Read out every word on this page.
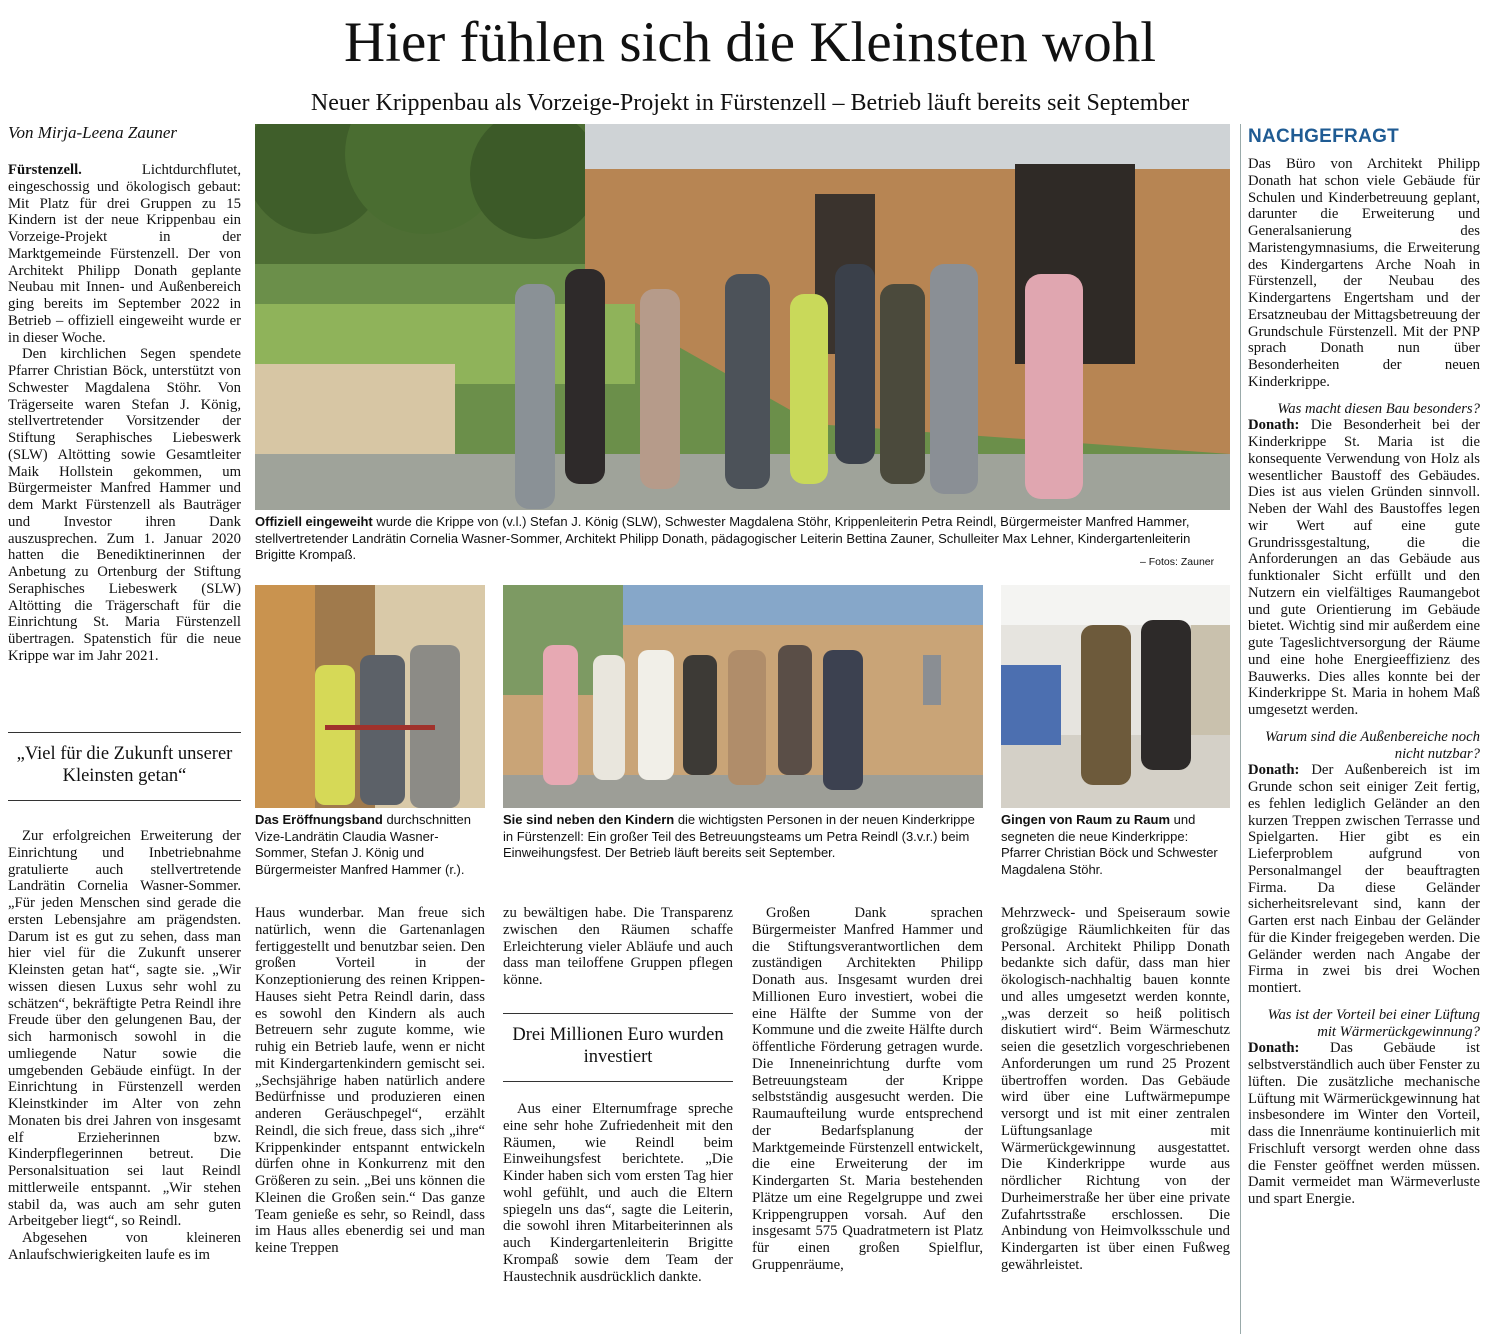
Hier fühlen sich die Kleinsten wohl
Neuer Krippenbau als Vorzeige-Projekt in Fürstenzell – Betrieb läuft bereits seit September
Von Mirja-Leena Zauner

Fürstenzell.	Lichtdurchflutet, eingeschossig und ökologisch gebaut: Mit Platz für drei Gruppen zu 15 Kindern ist der neue Krippenbau ein Vorzeige-Projekt in der Marktgemeinde Fürstenzell. Der von Architekt Philipp Donath geplante Neubau mit Innen- und Außenbereich ging bereits im September 2022 in Betrieb – offiziell eingeweiht wurde er in dieser Woche.

Den kirchlichen Segen spendete Pfarrer Christian Böck, unterstützt von Schwester Magdalena Stöhr. Von Trägerseite waren Stefan J. König, stellvertretender Vorsitzender der Stiftung Seraphisches Liebeswerk (SLW) Altötting sowie Gesamtleiter Maik Hollstein gekommen, um Bürgermeister Manfred Hammer und dem Markt Fürstenzell als Bauträger und Investor ihren Dank auszusprechen. Zum 1. Januar 2020 hatten die Benediktinerinnen der Anbetung zu Ortenburg der Stiftung Seraphisches Liebeswerk (SLW) Altötting die Trägerschaft für die Einrichtung St. Maria Fürstenzell übertragen. Spatenstich für die neue Krippe war im Jahr 2021.

„Viel für die Zukunft unserer Kleinsten getan“

Zur erfolgreichen Erweiterung der Einrichtung und Inbetriebnahme gratulierte auch stellvertretende Landrätin Cornelia Wasner-Sommer. „Für jeden Menschen sind gerade die ersten Lebensjahre am prägendsten. Darum ist es gut zu sehen, dass man hier viel für die Zukunft unserer Kleinsten getan hat“, sagte sie. „Wir wissen diesen Luxus sehr wohl zu schätzen“, bekräftigte Petra Reindl ihre Freude über den gelungenen Bau, der sich harmonisch sowohl in die umliegende Natur sowie die umgebenden Gebäude einfügt. In der Einrichtung in Fürstenzell werden Kleinstkinder im Alter von zehn Monaten bis drei Jahren von insgesamt elf Erzieherinnen bzw. Kinderpflegerinnen betreut. Die Personalsituation sei laut Reindl mittlerweile entspannt. „Wir stehen stabil da, was auch am sehr guten Arbeitgeber liegt“, so Reindl.

Abgesehen von kleineren Anlaufschwierigkeiten laufe es im

Offiziell eingeweiht wurde die Krippe von (v.l.) Stefan J. König (SLW), Schwester Magdalena Stöhr, Krippenleiterin Petra Reindl, Bürgermeister Manfred Hammer, stellvertretender Landrätin Cornelia Wasner-Sommer, Architekt Philipp Donath, pädagogischer Leiterin Bettina Zauner, Schulleiter Max Lehner, Kindergartenleiterin Brigitte Krompaß.	– Fotos: Zauner
Das Eröffnungsband durchschnitten Vize-Landrätin Claudia Wasner-Sommer, Stefan J. König und Bürgermeister Manfred Hammer (r.).
Sie sind neben den Kindern die wichtigsten Personen in der neuen Kinderkrippe in Fürstenzell: Ein großer Teil des Betreuungsteams um Petra Reindl (3.v.r.) beim Einweihungsfest. Der Betrieb läuft bereits seit September.
Gingen von Raum zu Raum und segneten die neue Kinderkrippe: Pfarrer Christian Böck und Schwester Magdalena Stöhr.

Haus wunderbar. Man freue sich natürlich, wenn die Gartenanlagen fertiggestellt und benutzbar seien. Den großen Vorteil in der Konzeptionierung des reinen Krippen-Hauses sieht Petra Reindl darin, dass es sowohl den Kindern als auch Betreuern sehr zugute komme, wie ruhig ein Betrieb laufe, wenn er nicht mit Kindergartenkindern gemischt sei. „Sechsjährige haben natürlich andere Bedürfnisse und produzieren einen anderen Geräuschpegel“, erzählt Reindl, die sich freue, dass sich „ihre“ Krippenkinder entspannt entwickeln dürfen ohne in Konkurrenz mit den Größeren zu sein. „Bei uns können die Kleinen die Großen sein.“ Das ganze Team genieße es sehr, so Reindl, dass im Haus alles ebenerdig sei und man keine Treppen

zu bewältigen habe. Die Transparenz zwischen den Räumen schaffe Erleichterung vieler Abläufe und auch dass man teiloffene Gruppen pflegen könne.

Drei Millionen Euro wurden investiert

Aus einer Elternumfrage spreche eine sehr hohe Zufriedenheit mit den Räumen, wie Reindl beim Einweihungsfest berichtete. „Die Kinder haben sich vom ersten Tag hier wohl gefühlt, und auch die Eltern spiegeln uns das“, sagte die Leiterin, die sowohl ihren Mitarbeiterinnen als auch Kindergartenleiterin Brigitte Krompaß sowie dem Team der Haustechnik ausdrücklich dankte.

Großen Dank sprachen Bürgermeister Manfred Hammer und die Stiftungsverantwortlichen dem zuständigen Architekten Philipp Donath aus. Insgesamt wurden drei Millionen Euro investiert, wobei die eine Hälfte der Summe von der Kommune und die zweite Hälfte durch öffentliche Förderung getragen wurde. Die Inneneinrichtung durfte vom Betreuungsteam der Krippe selbstständig ausgesucht werden. Die Raumaufteilung wurde entsprechend der Bedarfsplanung der Marktgemeinde Fürstenzell entwickelt, die eine Erweiterung der im Kindergarten St. Maria bestehenden Plätze um eine Regelgruppe und zwei Krippengruppen vorsah. Auf den insgesamt 575 Quadratmetern ist Platz für einen großen Spielflur, Gruppenräume,

Mehrzweck- und Speiseraum sowie großzügige Räumlichkeiten für das Personal. Architekt Philipp Donath bedankte sich dafür, dass man hier ökologisch-nachhaltig bauen konnte und alles umgesetzt werden konnte, „was derzeit so heiß politisch diskutiert wird“. Beim Wärmeschutz seien die gesetzlich vorgeschriebenen Anforderungen um rund 25 Prozent übertroffen worden. Das Gebäude wird über eine Luftwärmepumpe versorgt und ist mit einer zentralen Lüftungsanlage mit Wärmerückgewinnung ausgestattet. Die Kinderkrippe wurde aus nördlicher Richtung von der Durheimerstraße her über eine private Zufahrtsstraße erschlossen. Die Anbindung von Heimvolksschule und Kindergarten ist über einen Fußweg gewährleistet.

NACHGEFRAGT

Das Büro von Architekt Philipp Donath hat schon viele Gebäude für Schulen und Kinderbetreuung geplant, darunter die Erweiterung und Generalsanierung des Maristengymnasiums, die Erweiterung des Kindergartens Arche Noah in Fürstenzell, der Neubau des Kindergartens Engertsham und der Ersatzneubau der Mittagsbetreuung der Grundschule Fürstenzell. Mit der PNP sprach Donath nun über Besonderheiten der neuen Kinderkrippe.

Was macht diesen Bau besonders?

Donath: Die Besonderheit bei der Kinderkrippe St. Maria ist die konsequente Verwendung von Holz als wesentlicher Baustoff des Gebäudes. Dies ist aus vielen Gründen sinnvoll. Neben der Wahl des Baustoffes legen wir Wert auf eine gute Grundrissgestaltung, die die Anforderungen an das Gebäude aus funktionaler Sicht erfüllt und den Nutzern ein vielfältiges Raumangebot und gute Orientierung im Gebäude bietet. Wichtig sind mir außerdem eine gute Tageslichtversorgung der Räume und eine hohe Energieeffizienz des Bauwerks. Dies alles konnte bei der Kinderkrippe St. Maria in hohem Maß umgesetzt werden.

Warum sind die Außenbereiche noch nicht nutzbar?

Donath: Der Außenbereich ist im Grunde schon seit einiger Zeit fertig, es fehlen lediglich Geländer an den kurzen Treppen zwischen Terrasse und Spielgarten. Hier gibt es ein Lieferproblem aufgrund von Personalmangel der beauftragten Firma. Da diese Geländer sicherheitsrelevant sind, kann der Garten erst nach Einbau der Geländer für die Kinder freigegeben werden. Die Geländer werden nach Angabe der Firma in zwei bis drei Wochen montiert.

Was ist der Vorteil bei einer Lüftung mit Wärmerückgewinnung?

Donath: Das Gebäude ist selbstverständlich auch über Fenster zu lüften. Die zusätzliche mechanische Lüftung mit Wärmerückgewinnung hat insbesondere im Winter den Vorteil, dass die Innenräume kontinuierlich mit Frischluft versorgt werden ohne dass die Fenster geöffnet werden müssen. Damit vermeidet man Wärmeverluste und spart Energie.
